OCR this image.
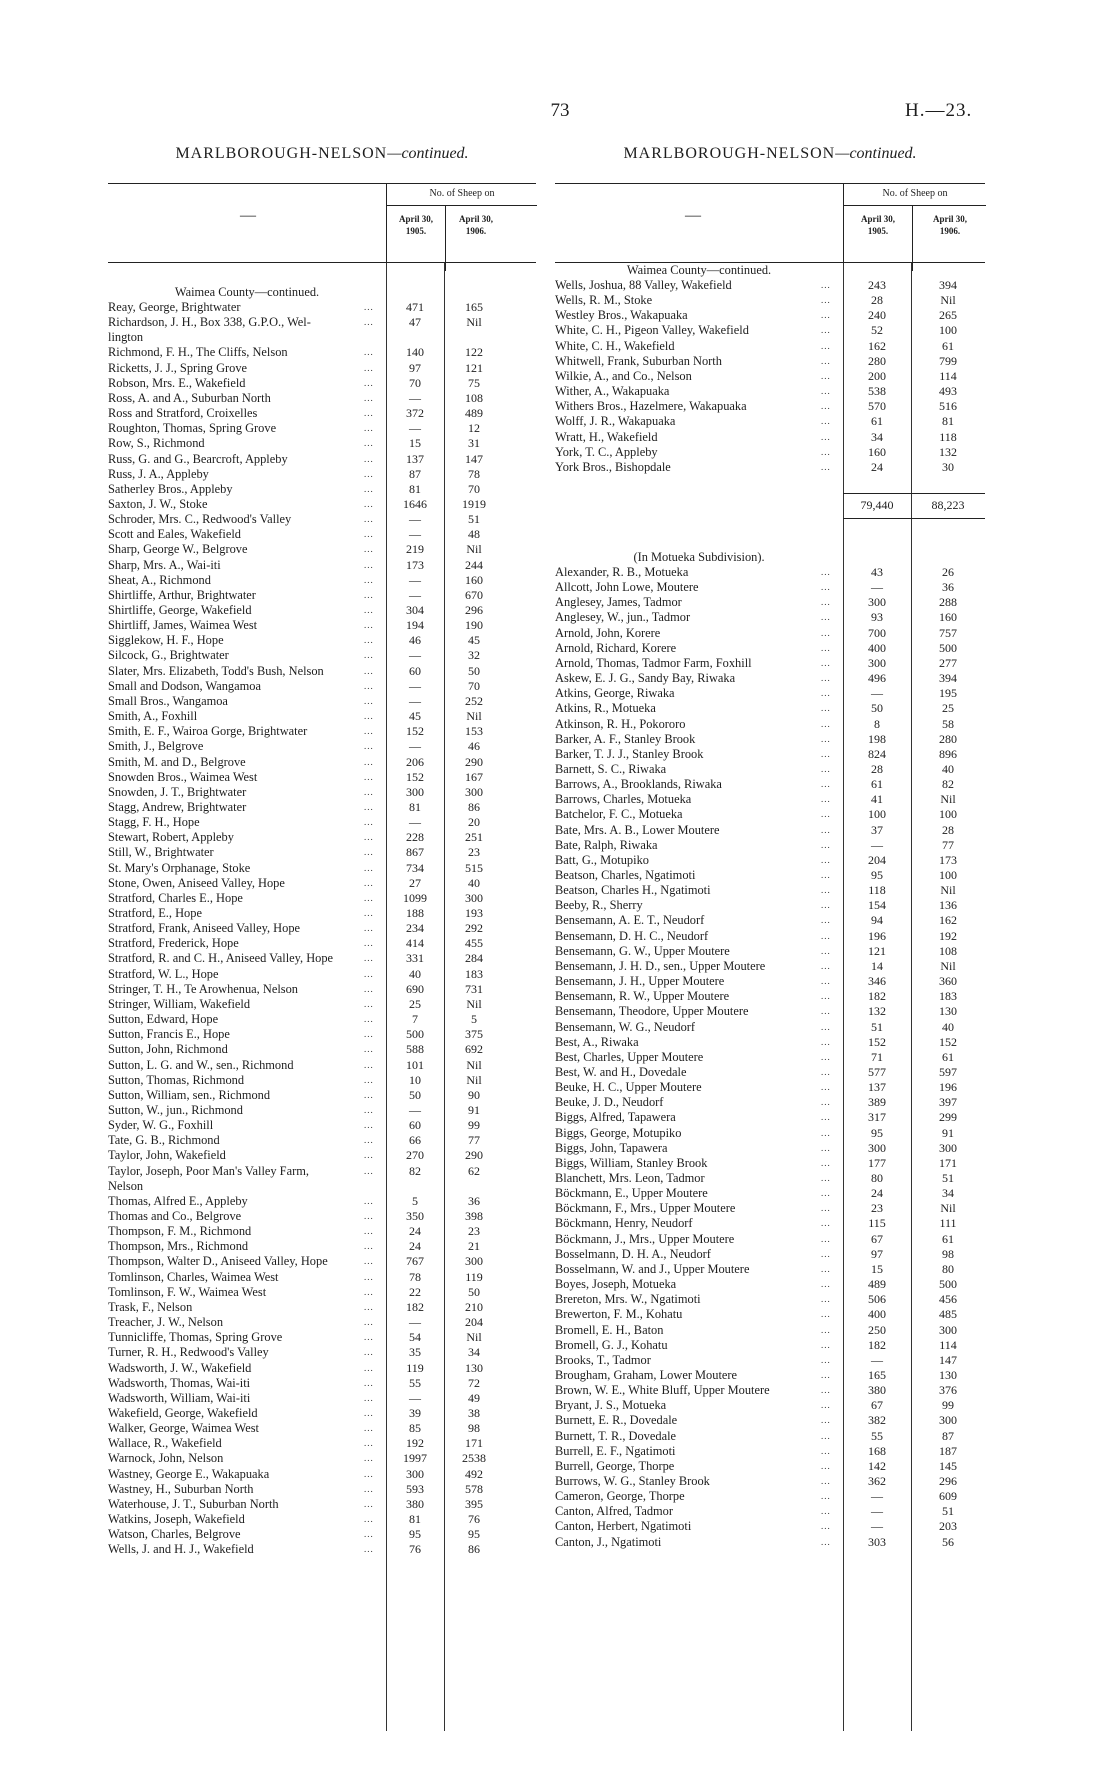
73	H.—23.
MARLBOROUGH-NELSON—continued.
—
No. of Sheep on
April 30,
1905.
April 30,
1906.
Waimea County—continued.
Reay, George, Brightwater	...	471	165
Richardson, J. H., Box 338, G.P.O., Wel-	...	47	Nil
lington
Richmond, F. H., The Cliffs, Nelson	...	140	122
Ricketts, J. J., Spring Grove	...	97	121
Robson, Mrs. E., Wakefield	...	70	75
Ross, A. and A., Suburban North	...	—	108
Ross and Stratford, Croixelles	...	372	489
Roughton, Thomas, Spring Grove	...	—	12
Row, S., Richmond	...	15	31
Russ, G. and G., Bearcroft, Appleby	...	137	147
Russ, J. A., Appleby	...	87	78
Satherley Bros., Appleby	...	81	70
Saxton, J. W., Stoke	...	1646	1919
Schroder, Mrs. C., Redwood's Valley	...	—	51
Scott and Eales, Wakefield	...	—	48
Sharp, George W., Belgrove	...	219	Nil
Sharp, Mrs. A., Wai-iti	...	173	244
Sheat, A., Richmond	...	—	160
Shirtliffe, Arthur, Brightwater	...	—	670
Shirtliffe, George, Wakefield	...	304	296
Shirtliff, James, Waimea West	...	194	190
Sigglekow, H. F., Hope	...	46	45
Silcock, G., Brightwater	...	—	32
Slater, Mrs. Elizabeth, Todd's Bush, Nelson	...	60	50
Small and Dodson, Wangamoa	...	—	70
Small Bros., Wangamoa	...	—	252
Smith, A., Foxhill	...	45	Nil
Smith, E. F., Wairoa Gorge, Brightwater	...	152	153
Smith, J., Belgrove	...	—	46
Smith, M. and D., Belgrove	...	206	290
Snowden Bros., Waimea West	...	152	167
Snowden, J. T., Brightwater	...	300	300
Stagg, Andrew, Brightwater	...	81	86
Stagg, F. H., Hope	...	—	20
Stewart, Robert, Appleby	...	228	251
Still, W., Brightwater	...	867	23
St. Mary's Orphanage, Stoke	...	734	515
Stone, Owen, Aniseed Valley, Hope	...	27	40
Stratford, Charles E., Hope	...	1099	300
Stratford, E., Hope	...	188	193
Stratford, Frank, Aniseed Valley, Hope	...	234	292
Stratford, Frederick, Hope	...	414	455
Stratford, R. and C. H., Aniseed Valley, Hope	...	331	284
Stratford, W. L., Hope	...	40	183
Stringer, T. H., Te Arowhenua, Nelson	...	690	731
Stringer, William, Wakefield	...	25	Nil
Sutton, Edward, Hope	...	7	5
Sutton, Francis E., Hope	...	500	375
Sutton, John, Richmond	...	588	692
Sutton, L. G. and W., sen., Richmond	...	101	Nil
Sutton, Thomas, Richmond	...	10	Nil
Sutton, William, sen., Richmond	...	50	90
Sutton, W., jun., Richmond	...	—	91
Syder, W. G., Foxhill	...	60	99
Tate, G. B., Richmond	...	66	77
Taylor, John, Wakefield	...	270	290
Taylor, Joseph, Poor Man's Valley Farm,	...	82	62
Nelson
Thomas, Alfred E., Appleby	...	5	36
Thomas and Co., Belgrove	...	350	398
Thompson, F. M., Richmond	...	24	23
Thompson, Mrs., Richmond	...	24	21
Thompson, Walter D., Aniseed Valley, Hope	...	767	300
Tomlinson, Charles, Waimea West	...	78	119
Tomlinson, F. W., Waimea West	...	22	50
Trask, F., Nelson	...	182	210
Treacher, J. W., Nelson	...	—	204
Tunnicliffe, Thomas, Spring Grove	...	54	Nil
Turner, R. H., Redwood's Valley	...	35	34
Wadsworth, J. W., Wakefield	...	119	130
Wadsworth, Thomas, Wai-iti	...	55	72
Wadsworth, William, Wai-iti	...	—	49
Wakefield, George, Wakefield	...	39	38
Walker, George, Waimea West	...	85	98
Wallace, R., Wakefield	...	192	171
Warnock, John, Nelson	...	1997	2538
Wastney, George E., Wakapuaka	...	300	492
Wastney, H., Suburban North	...	593	578
Waterhouse, J. T., Suburban North	...	380	395
Watkins, Joseph, Wakefield	...	81	76
Watson, Charles, Belgrove	...	95	95
Wells, J. and H. J., Wakefield	...	76	86
MARLBOROUGH-NELSON—continued.
—
No. of Sheep on
April 30,
1905.
April 30,
1906.
Waimea County—continued.
Wells, Joshua, 88 Valley, Wakefield	...	243	394
Wells, R. M., Stoke	...	28	Nil
Westley Bros., Wakapuaka	...	240	265
White, C. H., Pigeon Valley, Wakefield	...	52	100
White, C. H., Wakefield	...	162	61
Whitwell, Frank, Suburban North	...	280	799
Wilkie, A., and Co., Nelson	...	200	114
Wither, A., Wakapuaka	...	538	493
Withers Bros., Hazelmere, Wakapuaka	...	570	516
Wolff, J. R., Wakapuaka	...	61	81
Wratt, H., Wakefield	...	34	118
York, T. C., Appleby	...	160	132
York Bros., Bishopdale	...	24	30
79,440	88,223
(In Motueka Subdivision).
Alexander, R. B., Motueka	...	43	26
Allcott, John Lowe, Moutere	...	—	36
Anglesey, James, Tadmor	...	300	288
Anglesey, W., jun., Tadmor	...	93	160
Arnold, John, Korere	...	700	757
Arnold, Richard, Korere	...	400	500
Arnold, Thomas, Tadmor Farm, Foxhill	...	300	277
Askew, E. J. G., Sandy Bay, Riwaka	...	496	394
Atkins, George, Riwaka	...	—	195
Atkins, R., Motueka	...	50	25
Atkinson, R. H., Pokororo	...	8	58
Barker, A. F., Stanley Brook	...	198	280
Barker, T. J. J., Stanley Brook	...	824	896
Barnett, S. C., Riwaka	...	28	40
Barrows, A., Brooklands, Riwaka	...	61	82
Barrows, Charles, Motueka	...	41	Nil
Batchelor, F. C., Motueka	...	100	100
Bate, Mrs. A. B., Lower Moutere	...	37	28
Bate, Ralph, Riwaka	...	—	77
Batt, G., Motupiko	...	204	173
Beatson, Charles, Ngatimoti	...	95	100
Beatson, Charles H., Ngatimoti	...	118	Nil
Beeby, R., Sherry	...	154	136
Bensemann, A. E. T., Neudorf	...	94	162
Bensemann, D. H. C., Neudorf	...	196	192
Bensemann, G. W., Upper Moutere	...	121	108
Bensemann, J. H. D., sen., Upper Moutere	...	14	Nil
Bensemann, J. H., Upper Moutere	...	346	360
Bensemann, R. W., Upper Moutere	...	182	183
Bensemann, Theodore, Upper Moutere	...	132	130
Bensemann, W. G., Neudorf	...	51	40
Best, A., Riwaka	...	152	152
Best, Charles, Upper Moutere	...	71	61
Best, W. and H., Dovedale	...	577	597
Beuke, H. C., Upper Moutere	...	137	196
Beuke, J. D., Neudorf	...	389	397
Biggs, Alfred, Tapawera	...	317	299
Biggs, George, Motupiko	...	95	91
Biggs, John, Tapawera	...	300	300
Biggs, William, Stanley Brook	...	177	171
Blanchett, Mrs. Leon, Tadmor	...	80	51
Böckmann, E., Upper Moutere	...	24	34
Böckmann, F., Mrs., Upper Moutere	...	23	Nil
Böckmann, Henry, Neudorf	...	115	111
Böckmann, J., Mrs., Upper Moutere	...	67	61
Bosselmann, D. H. A., Neudorf	...	97	98
Bosselmann, W. and J., Upper Moutere	...	15	80
Boyes, Joseph, Motueka	...	489	500
Brereton, Mrs. W., Ngatimoti	...	506	456
Brewerton, F. M., Kohatu	...	400	485
Bromell, E. H., Baton	...	250	300
Bromell, G. J., Kohatu	...	182	114
Brooks, T., Tadmor	...	—	147
Brougham, Graham, Lower Moutere	...	165	130
Brown, W. E., White Bluff, Upper Moutere	...	380	376
Bryant, J. S., Motueka	...	67	99
Burnett, E. R., Dovedale	...	382	300
Burnett, T. R., Dovedale	...	55	87
Burrell, E. F., Ngatimoti	...	168	187
Burrell, George, Thorpe	...	142	145
Burrows, W. G., Stanley Brook	...	362	296
Cameron, George, Thorpe	...	—	609
Canton, Alfred, Tadmor	...	—	51
Canton, Herbert, Ngatimoti	...	—	203
Canton, J., Ngatimoti	...	303	56
